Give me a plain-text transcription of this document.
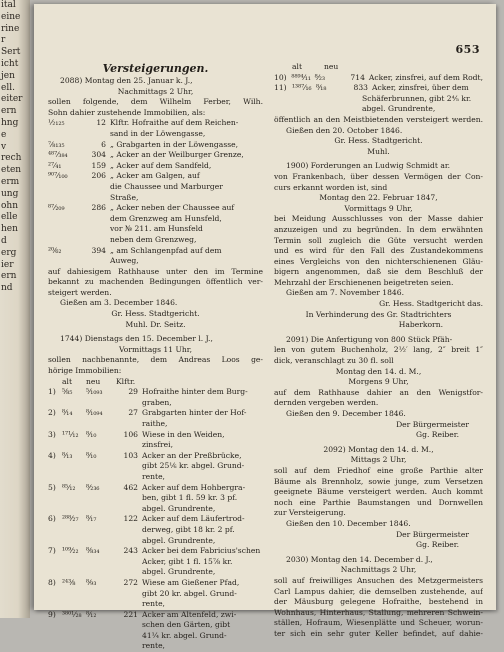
ital
eine
rine
r
Sert
icht
jen
ell.
eiter
ern
hng
e
v
rech
eten
erm
ung
ohn
elle
hen
d
erg
ier
ern
nd
653
Versteigerungen.
2088) Montag den 25. Januar k. J.,
Nachmittags 2 Uhr,
sollen folgende, dem Wilhelm Ferber, Wilh.
Sohn dahier zustehende Immobilien, als:
½₁₂₅	12 Klftr. Hofraithe auf dem Reichen-
sand in der Löwengasse,
⅞₁₃₅	6 „ Grabgarten in der Löwengasse,
⁴⁸⁷⁄₃₈₄	304 „ Acker an der Weilburger Grenze,
²⁷⁄₄₁	159 „ Acker auf dem Sandfeld,
⁹⁰⁷⁄₁₀₀	206 „ Acker am Galgen, auf
die Chaussee und Marburger
Straße,
⁸⁷⁄₂₀₉	286 „ Acker neben der Chaussee auf
dem Grenzweg am Hunsfeld,
vor № 211. am Hunsfeld
neben dem Grenzweg,
²⁰⁄₆₂	394 „ am Schlangenpfad auf dem
Auweg,
auf dahiesigem Rathhause unter den im Termine
bekannt zu machenden Bedingungen öffentlich ver-
steigert werden.
Gießen am 3. December 1846.
Gr. Hess. Stadtgericht.
Muhl. Dr. Seitz.
1744) Dienstags den 15. December l. J.,
Vormittags 11 Uhr,
sollen nachbenannte, dem Andreas Loos ge-
hörige Immobilien:
alt	neu	Klftr.
1) ⁵⁄₈₅	⁵⁄₁₀₉₃	29 Hofraithe hinter dem Burg-
graben,
2) ⁸⁄₁₄	⁸⁄₁₀₉₄	27 Grabgarten hinter der Hof-
raithe,
3) ¹⁷¹⁄₁₂ ⁸⁄₁₀	106 Wiese in den Weiden,
zinsfrei,
4) ⁸⁄₁₃	⁸⁄₁₀	103 Acker an der Preßbrücke,
gibt 25⅙ kr. abgel. Grund-
rente,
5) ⁸⁵⁄₁₂	⁸⁄₂₃₆	462 Acker auf dem Hohbergra-
ben, gibt 1 fl. 59 kr. 3 pf.
abgel. Grundrente,
6) ²⁸⁸⁄₂₇ ⁸⁄₁₇	122 Acker auf dem Läufertrod-
derweg, gibt 18 kr. 2 pf.
abgel. Grundrente,
7) ¹⁰⁹⁄₂₂ ⁸⁄₈₃₄	243 Acker bei dem Fabricius'schen
Acker, gibt 1 fl. 15⅞ kr.
abgel. Grundrente,
8) ²⁴³⁄₈	⁸⁄₉₃	272 Wiese am Gießener Pfad,
gibt 20 kr. abgel. Grund-
rente,
9) ³⁸⁰¹⁄₂₈ ⁸⁄₁₂	221 Acker am Altenfeld, zwi-
schen den Gärten, gibt
41¼ kr. abgel. Grund-
rente,
alt	neu
10) ⁸⁸⁹⁴⁄₁₁ ⁸⁄₂₃	714 Acker, zinsfrei, auf dem Rodt,
11) ¹³⁸⁷⁄₁₆ ⁸⁄₁₈	833 Acker, zinsfrei, über dem
Schäferbrunnen, gibt 2⅘ kr.
abgel. Grundrente,
öffentlich an den Meistbietenden versteigert werden.
Gießen den 20. October 1846.
Gr. Hess. Stadtgericht.
Muhl.
1900) Forderungen an Ludwig Schmidt ar.
von Frankenbach, über dessen Vermögen der Con-
curs erkannt worden ist, sind
Montag den 22. Februar 1847,
Vormittags 9 Uhr,
bei Meidung Ausschlusses von der Masse dahier
anzuzeigen und zu begründen. In dem erwähnten
Termin soll zugleich die Güte versucht werden
und es wird für den Fall des Zustandekommens
eines Vergleichs von den nichterschienenen Gläu-
bigern angenommen, daß sie dem Beschluß der
Mehrzahl der Erschienenen beigetreten seien.
Gießen am 7. November 1846.
Gr. Hess. Stadtgericht das.
In Verhinderung des Gr. Stadtrichters
Haberkorn.
2091) Die Anfertigung von 800 Stück Pfäh-
len von gutem Buchenholz, 2½′ lang, 2″ breit 1″
dick, veranschlagt zu 30 fl. soll
Montag den 14. d. M.,
Morgens 9 Uhr,
auf dem Rathhause dahier an den Wenigstfor-
dernden vergeben werden.
Gießen den 9. December 1846.
Der Bürgermeister
Gg. Reiber.
2092) Montag den 14. d. M.,
Mittags 2 Uhr,
soll auf dem Friedhof eine große Parthie alter
Bäume als Brennholz, sowie junge, zum Versetzen
geeignete Bäume versteigert werden. Auch kommt
noch eine Parthie Baumstangen und Dornwellen
zur Versteigerung.
Gießen den 10. December 1846.
Der Bürgermeister
Gg. Reiber.
2030) Montag den 14. December d. J.,
Nachmittags 2 Uhr,
soll auf freiwilliges Ansuchen des Metzgermeisters
Carl Lampus dahier, die demselben zustehende, auf
der Mäusburg gelegene Hofraithe, bestehend in
Wohnhaus, Hinterhaus, Stallung, mehreren Schwein-
ställen, Hofraum, Wiesenplätte und Scheuer, worun-
ter sich ein sehr guter Keller befindet, auf dahie-
